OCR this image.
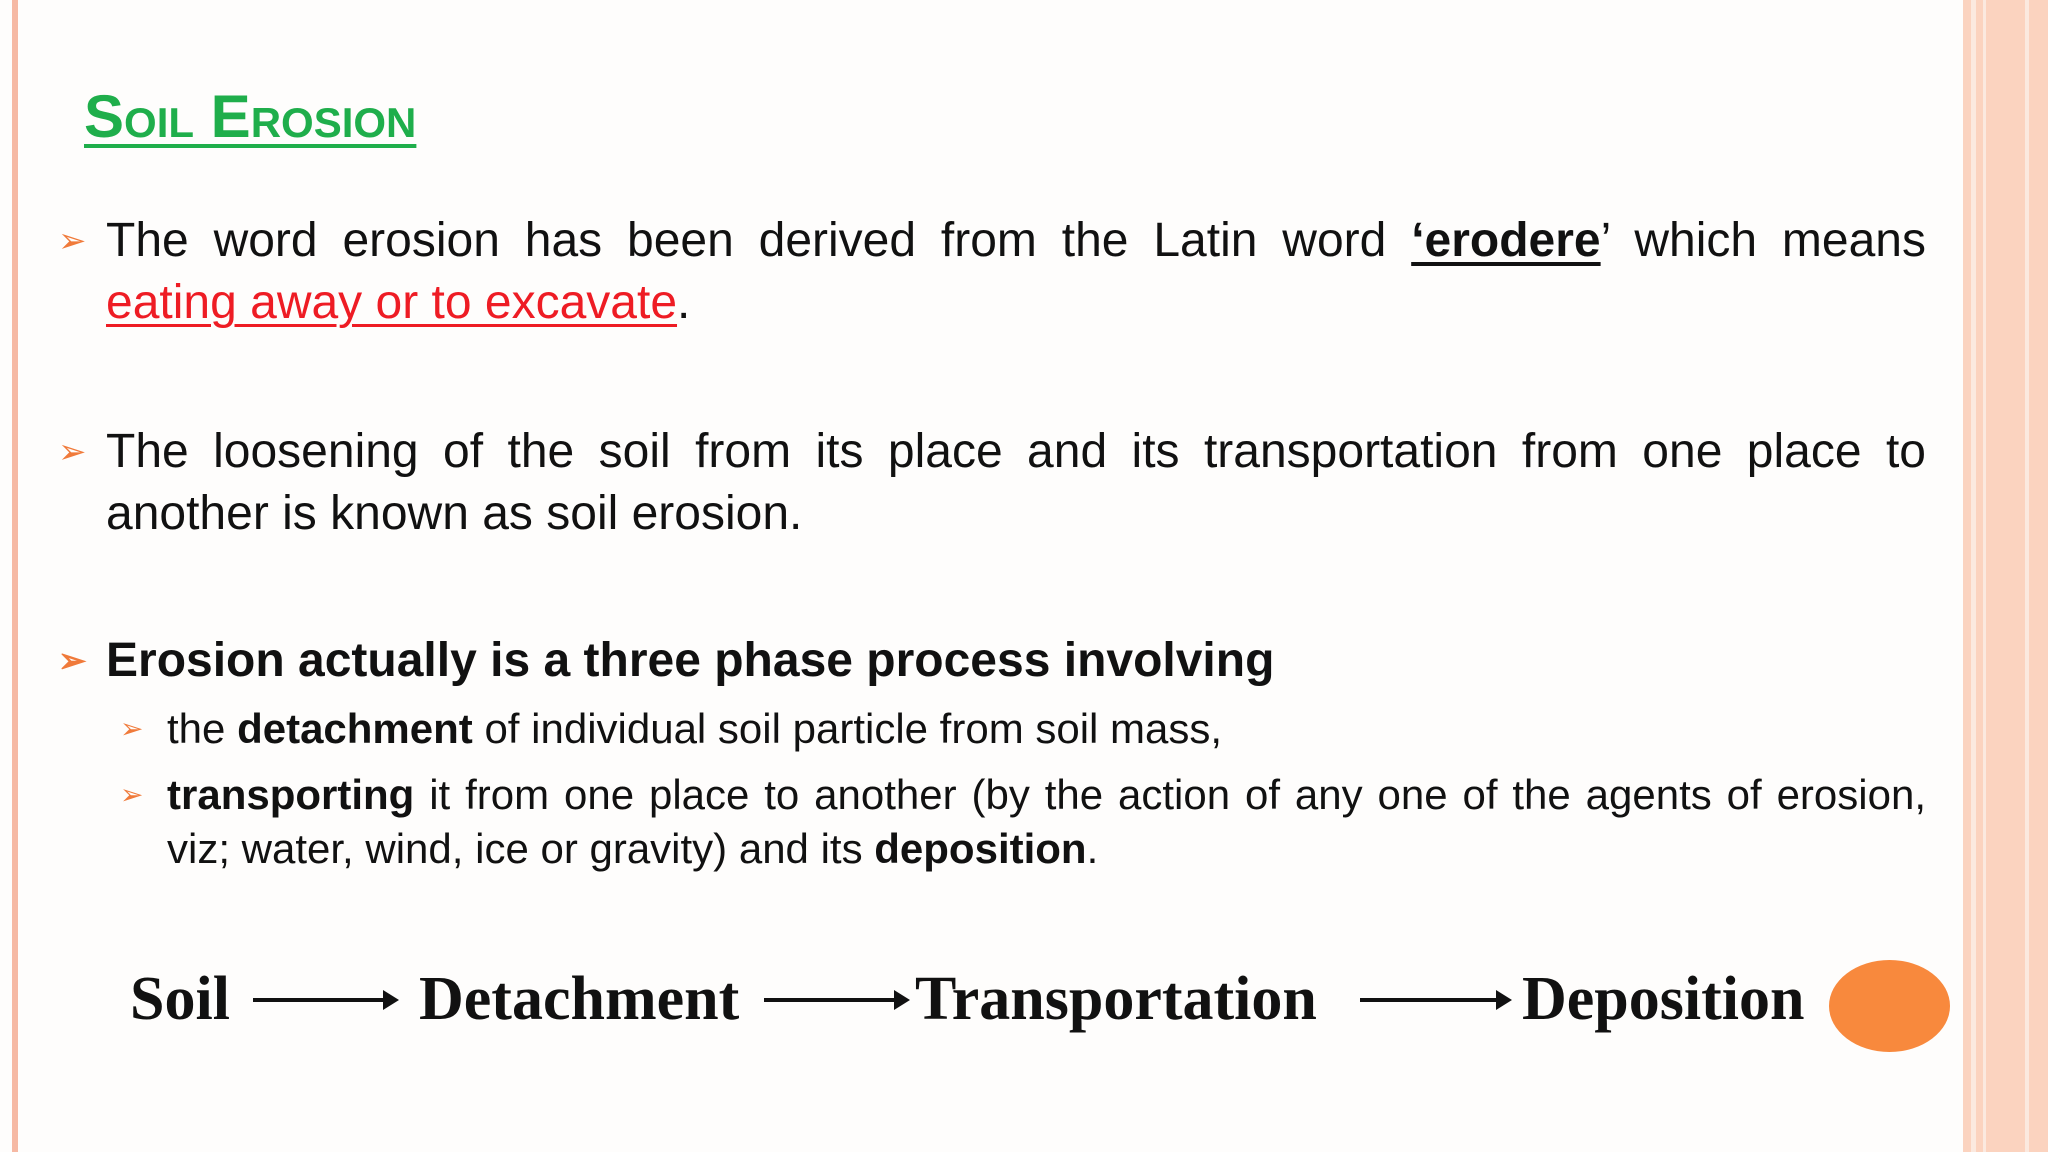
Soil Erosion
➢ The word erosion has been derived from the Latin word ‘erodere’ which means eating away or to excavate.
➢ The loosening of the soil from its place and its transportation from one place to another is known as soil erosion.
➢ Erosion actually is a three phase process involving
➢ the detachment of individual soil particle from soil mass,
➢ transporting it from one place to another (by the action of any one of the agents of erosion, viz; water, wind, ice or gravity) and its deposition.
Soil	Detachment	Transportation	Deposition
